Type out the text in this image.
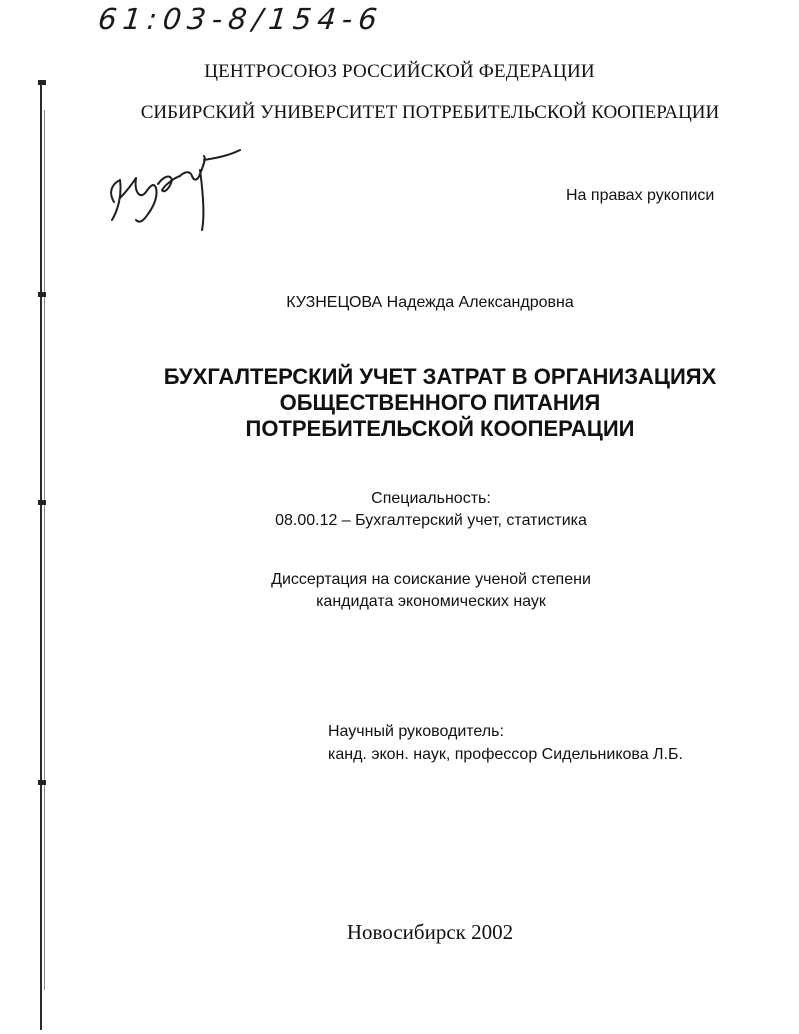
61:03-8/154-6
ЦЕНТРОСОЮЗ РОССИЙСКОЙ ФЕДЕРАЦИИ
СИБИРСКИЙ УНИВЕРСИТЕТ ПОТРЕБИТЕЛЬСКОЙ КООПЕРАЦИИ
На правах рукописи
КУЗНЕЦОВА Надежда Александровна
БУХГАЛТЕРСКИЙ УЧЕТ ЗАТРАТ В ОРГАНИЗАЦИЯХ
ОБЩЕСТВЕННОГО ПИТАНИЯ
ПОТРЕБИТЕЛЬСКОЙ КООПЕРАЦИИ
Специальность:
08.00.12 – Бухгалтерский учет, статистика
Диссертация на соискание ученой степени
кандидата экономических наук
Научный руководитель:
канд. экон. наук, профессор Сидельникова Л.Б.
Новосибирск 2002
